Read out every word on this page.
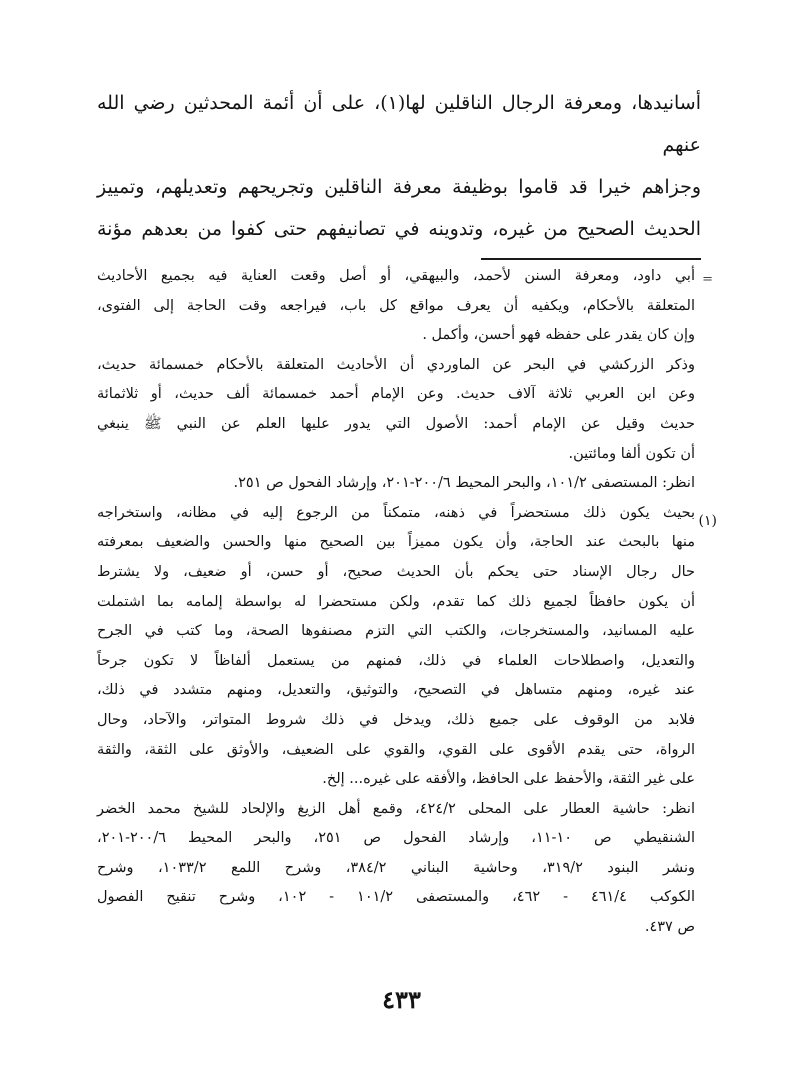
أسانيدها، ومعرفة الرجال الناقلين لها(١)، على أن أئمة المحدثين رضي الله عنهم
وجزاهم خيرا قد قاموا بوظيفة معرفة الناقلين وتجريحهم وتعديلهم، وتمييز
الحديث الصحيح من غيره، وتدوينه في تصانيفهم حتى كفوا من بعدهم مؤنة

=
(١)
أبي داود، ومعرفة السنن لأحمد، والبيهقي، أو أصل وقعت العناية فيه بجميع الأحاديث
المتعلقة بالأحكام، ويكفيه أن يعرف مواقع كل باب، فيراجعه وقت الحاجة إلى الفتوى،
وإن كان يقدر على حفظه فهو أحسن، وأكمل .
وذكر الزركشي في البحر عن الماوردي أن الأحاديث المتعلقة بالأحكام خمسمائة حديث،
وعن ابن العربي ثلاثة آلاف حديث. وعن الإمام أحمد خمسمائة ألف حديث، أو ثلاثمائة
حديث وقيل عن الإمام أحمد: الأصول التي يدور عليها العلم عن النبي ﷺ ينبغي
أن تكون ألفا ومائتين.
انظر: المستصفى ١٠١/٢، والبحر المحيط ٢٠٠/٦-٢٠١، وإرشاد الفحول ص ٢٥١.
بحيث يكون ذلك مستحضراً في ذهنه، متمكناً من الرجوع إليه في مظانه، واستخراجه
منها بالبحث عند الحاجة، وأن يكون مميزاً بين الصحيح منها والحسن والضعيف بمعرفته
حال رجال الإسناد حتى يحكم بأن الحديث صحيح، أو حسن، أو ضعيف، ولا يشترط
أن يكون حافظاً لجميع ذلك كما تقدم، ولكن مستحضرا له بواسطة إلمامه بما اشتملت
عليه المسانيد، والمستخرجات، والكتب التي التزم مصنفوها الصحة، وما كتب في الجرح
والتعديل، واصطلاحات العلماء في ذلك، فمنهم من يستعمل ألفاظاً لا تكون جرحاً
عند غيره، ومنهم متساهل في التصحيح، والتوثيق، والتعديل، ومنهم متشدد في ذلك،
فلابد من الوقوف على جميع ذلك، ويدخل في ذلك شروط المتواتر، والآحاد، وحال
الرواة، حتى يقدم الأقوى على القوي، والقوي على الضعيف، والأوثق على الثقة، والثقة
على غير الثقة، والأحفظ على الحافظ، والأفقه على غيره... إلخ.
انظر: حاشية العطار على المحلى ٤٢٤/٢، وقمع أهل الزيغ والإلحاد للشيخ محمد الخضر
الشنقيطي ص ١٠-١١، وإرشاد الفحول ص ٢٥١، والبحر المحيط ٢٠٠/٦-٢٠١،
ونشر البنود ٣١٩/٢، وحاشية البناني ٣٨٤/٢، وشرح اللمع ١٠٣٣/٢، وشرح
الكوكب ٤٦١/٤ - ٤٦٢، والمستصفى ١٠١/٢ - ١٠٢، وشرح تنقيح الفصول
ص ٤٣٧.
٤٣٣
